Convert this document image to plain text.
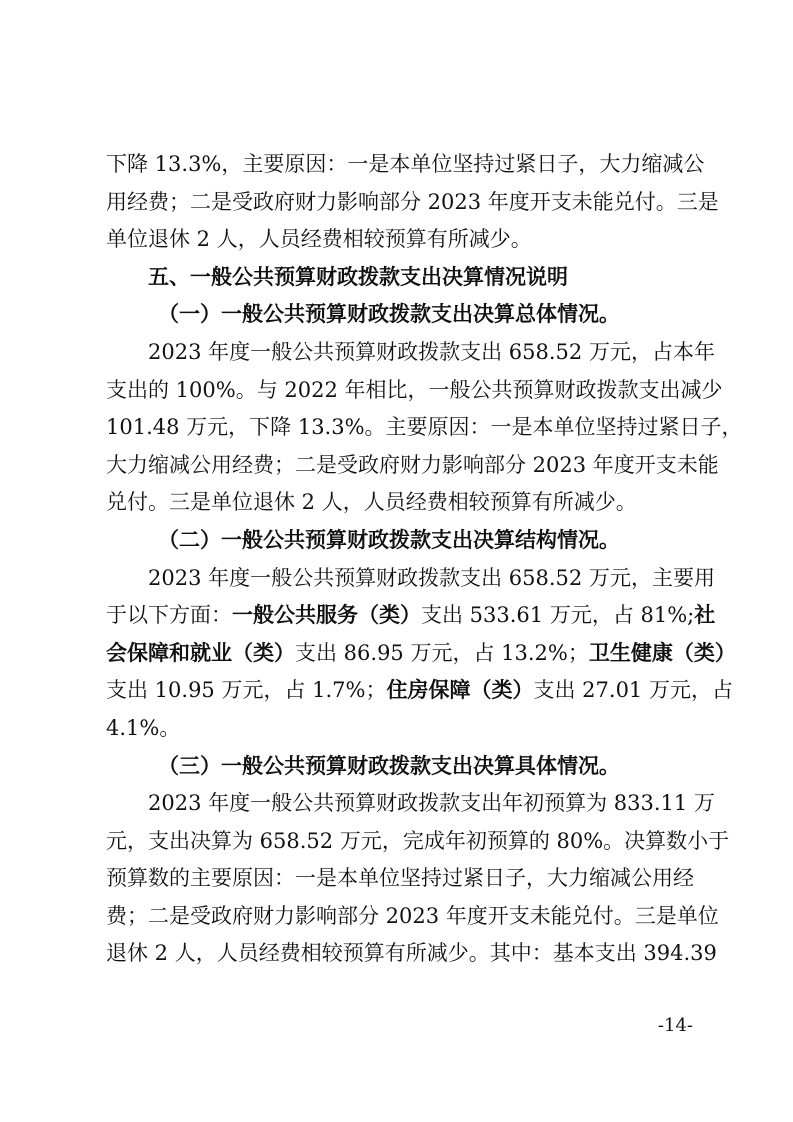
下降 13.3%，主要原因：一是本单位坚持过紧日子，大力缩减公
用经费；二是受政府财力影响部分 2023 年度开支未能兑付。三是
单位退休 2 人，人员经费相较预算有所减少。
五、一般公共预算财政拨款支出决算情况说明
（一）一般公共预算财政拨款支出决算总体情况。
2023 年度一般公共预算财政拨款支出 658.52 万元，占本年
支出的 100%。与 2022 年相比，一般公共预算财政拨款支出减少
101.48 万元，下降 13.3%。主要原因：一是本单位坚持过紧日子，
大力缩减公用经费；二是受政府财力影响部分 2023 年度开支未能
兑付。三是单位退休 2 人，人员经费相较预算有所减少。
（二）一般公共预算财政拨款支出决算结构情况。
2023 年度一般公共预算财政拨款支出 658.52 万元，主要用
于以下方面：一般公共服务（类）支出 533.61 万元，占 81%;社
会保障和就业（类）支出 86.95 万元，占 13.2%；卫生健康（类）
支出 10.95 万元，占 1.7%；住房保障（类）支出 27.01 万元，占
4.1%。
（三）一般公共预算财政拨款支出决算具体情况。
2023 年度一般公共预算财政拨款支出年初预算为 833.11 万
元，支出决算为 658.52 万元，完成年初预算的 80%。决算数小于
预算数的主要原因：一是本单位坚持过紧日子，大力缩减公用经
费；二是受政府财力影响部分 2023 年度开支未能兑付。三是单位
退休 2 人，人员经费相较预算有所减少。其中：基本支出 394.39
-14-
